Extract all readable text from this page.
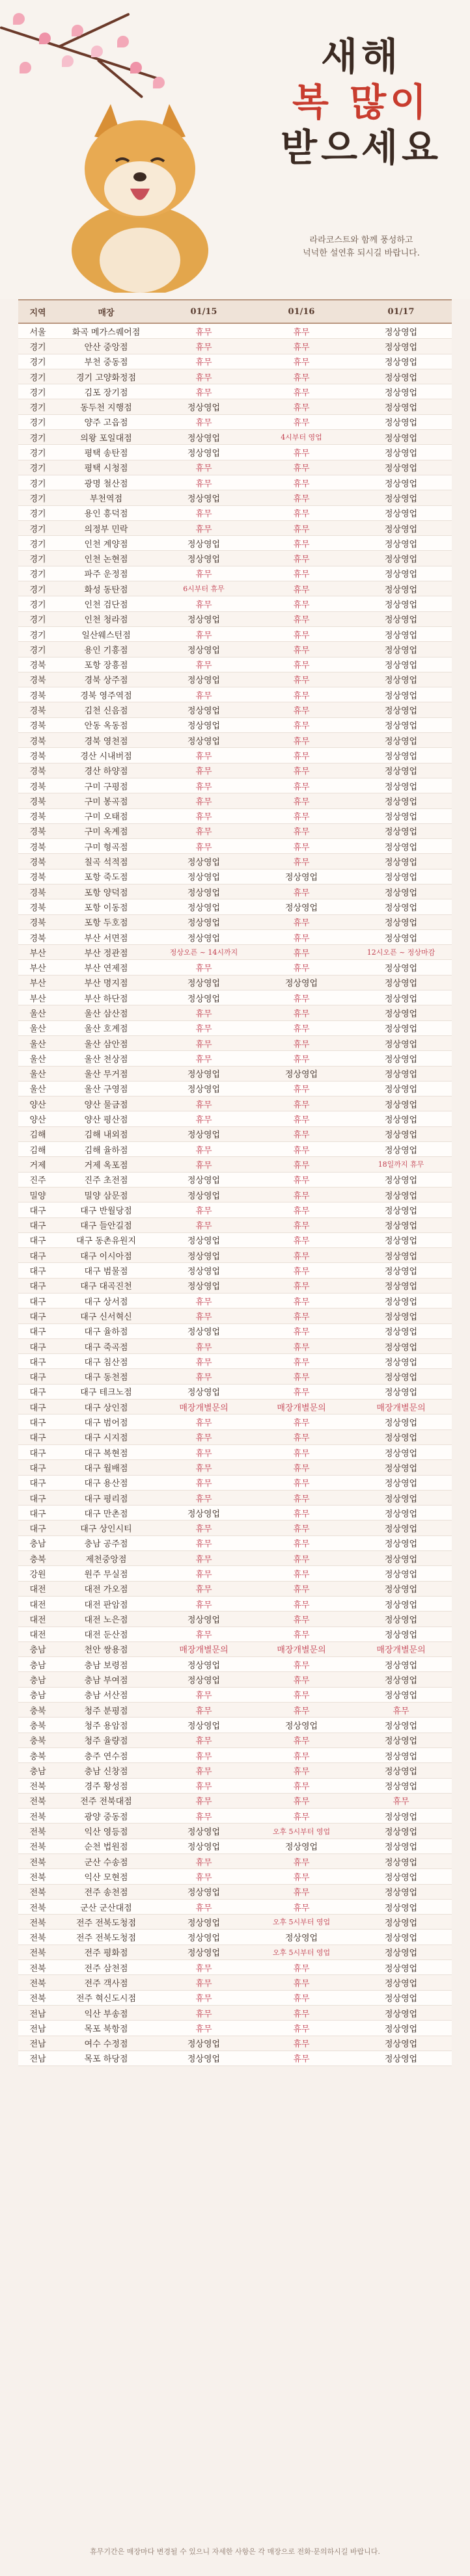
새해
복 많이
받으세요
라라코스트와 함께 풍성하고
넉넉한 설연휴 되시길 바랍니다.
지역	매장	01/15	01/16	01/17
서울	화곡 메가스퀘어점	휴무	휴무	정상영업
경기	안산 중앙점	휴무	휴무	정상영업
경기	부천 중동점	휴무	휴무	정상영업
경기	경기 고양화정점	휴무	휴무	정상영업
경기	김포 장기점	휴무	휴무	정상영업
경기	동두천 지행점	정상영업	휴무	정상영업
경기	양주 고읍점	휴무	휴무	정상영업
경기	의왕 포일대점	정상영업	4시부터 영업	정상영업
경기	평택 송탄점	정상영업	휴무	정상영업
경기	평택 시청점	휴무	휴무	정상영업
경기	광명 철산점	휴무	휴무	정상영업
경기	부천역점	정상영업	휴무	정상영업
경기	용인 흥덕점	휴무	휴무	정상영업
경기	의정부 민락	휴무	휴무	정상영업
경기	인천 계양점	정상영업	휴무	정상영업
경기	인천 논현점	정상영업	휴무	정상영업
경기	파주 운정점	휴무	휴무	정상영업
경기	화성 동탄점	6시부터 휴무	휴무	정상영업
경기	인천 검단점	휴무	휴무	정상영업
경기	인천 청라점	정상영업	휴무	정상영업
경기	일산웨스턴점	휴무	휴무	정상영업
경기	용인 기흥점	정상영업	휴무	정상영업
경북	포항 장흥점	휴무	휴무	정상영업
경북	경북 상주점	정상영업	휴무	정상영업
경북	경북 영주역점	휴무	휴무	정상영업
경북	김천 신음점	정상영업	휴무	정상영업
경북	안동 옥동점	정상영업	휴무	정상영업
경북	경북 영천점	정상영업	휴무	정상영업
경북	경산 시내버점	휴무	휴무	정상영업
경북	경산 하양점	휴무	휴무	정상영업
경북	구미 구평점	휴무	휴무	정상영업
경북	구미 봉곡점	휴무	휴무	정상영업
경북	구미 오태점	휴무	휴무	정상영업
경북	구미 옥계점	휴무	휴무	정상영업
경북	구미 형곡점	휴무	휴무	정상영업
경북	칠곡 석적점	정상영업	휴무	정상영업
경북	포항 죽도점	정상영업	정상영업	정상영업
경북	포항 양덕점	정상영업	휴무	정상영업
경북	포항 이동점	정상영업	정상영업	정상영업
경북	포항 두호점	정상영업	휴무	정상영업
경북	부산 서면점	정상영업	휴무	정상영업
부산	부산 정관점	정상오픈 ~ 14시까지	휴무	12시오픈 ~ 정상마감
부산	부산 연제점	휴무	휴무	정상영업
부산	부산 명지점	정상영업	정상영업	정상영업
부산	부산 하단점	정상영업	휴무	정상영업
울산	울산 삼산점	휴무	휴무	정상영업
울산	울산 호계점	휴무	휴무	정상영업
울산	울산 삼안점	휴무	휴무	정상영업
울산	울산 천상점	휴무	휴무	정상영업
울산	울산 무거점	정상영업	정상영업	정상영업
울산	울산 구영점	정상영업	휴무	정상영업
양산	양산 물금점	휴무	휴무	정상영업
양산	양산 평산점	휴무	휴무	정상영업
김해	김해 내외점	정상영업	휴무	정상영업
김해	김해 율하점	휴무	휴무	정상영업
거제	거제 옥포점	휴무	휴무	18일까지 휴무
진주	진주 초전점	정상영업	휴무	정상영업
밀양	밀양 삼문점	정상영업	휴무	정상영업
대구	대구 반월당점	휴무	휴무	정상영업
대구	대구 들안길점	휴무	휴무	정상영업
대구	대구 동촌유원지	정상영업	휴무	정상영업
대구	대구 이시아점	정상영업	휴무	정상영업
대구	대구 범물점	정상영업	휴무	정상영업
대구	대구 대곡진천	정상영업	휴무	정상영업
대구	대구 상서점	휴무	휴무	정상영업
대구	대구 신서혁신	휴무	휴무	정상영업
대구	대구 율하점	정상영업	휴무	정상영업
대구	대구 죽곡점	휴무	휴무	정상영업
대구	대구 침산점	휴무	휴무	정상영업
대구	대구 동천점	휴무	휴무	정상영업
대구	대구 테크노점	정상영업	휴무	정상영업
대구	대구 상인점	매장개별문의	매장개별문의	매장개별문의
대구	대구 범어점	휴무	휴무	정상영업
대구	대구 시지점	휴무	휴무	정상영업
대구	대구 복현점	휴무	휴무	정상영업
대구	대구 월배점	휴무	휴무	정상영업
대구	대구 용산점	휴무	휴무	정상영업
대구	대구 평리점	휴무	휴무	정상영업
대구	대구 만촌점	정상영업	휴무	정상영업
대구	대구 상인시티	휴무	휴무	정상영업
충남	충남 공주점	휴무	휴무	정상영업
충북	제천중앙점	휴무	휴무	정상영업
강원	원주 무실점	휴무	휴무	정상영업
대전	대전 가오점	휴무	휴무	정상영업
대전	대전 판암점	휴무	휴무	정상영업
대전	대전 노은점	정상영업	휴무	정상영업
대전	대전 둔산점	휴무	휴무	정상영업
충남	천안 쌍용점	매장개별문의	매장개별문의	매장개별문의
충남	충남 보령점	정상영업	휴무	정상영업
충남	충남 부여점	정상영업	휴무	정상영업
충남	충남 서산점	휴무	휴무	정상영업
충북	청주 분평점	휴무	휴무	휴무
충북	청주 용암점	정상영업	정상영업	정상영업
충북	청주 율량점	휴무	휴무	정상영업
충북	충주 연수점	휴무	휴무	정상영업
충남	충남 신창점	휴무	휴무	정상영업
전북	경주 황성점	휴무	휴무	정상영업
전북	전주 전북대점	휴무	휴무	휴무
전북	광양 중동점	휴무	휴무	정상영업
전북	익산 영등점	정상영업	오후 5시부터 영업	정상영업
전북	순천 법원점	정상영업	정상영업	정상영업
전북	군산 수송점	휴무	휴무	정상영업
전북	익산 모현점	휴무	휴무	정상영업
전북	전주 송천점	정상영업	휴무	정상영업
전북	군산 군산대점	휴무	휴무	정상영업
전북	전주 전북도청점	정상영업	오후 5시부터 영업	정상영업
전북	전주 전북도청점	정상영업	정상영업	정상영업
전북	전주 평화점	정상영업	오후 5시부터 영업	정상영업
전북	전주 삼천점	휴무	휴무	정상영업
전북	전주 객사점	휴무	휴무	정상영업
전북	전주 혁신도시점	휴무	휴무	정상영업
전남	익산 부송점	휴무	휴무	정상영업
전남	목포 북항점	휴무	휴무	정상영업
전남	여수 수정점	정상영업	휴무	정상영업
전남	목포 하당점	정상영업	휴무	정상영업
휴무기간은 매장마다 변경될 수 있으니 자세한 사항은 각 매장으로 전화·문의하시길 바랍니다.
